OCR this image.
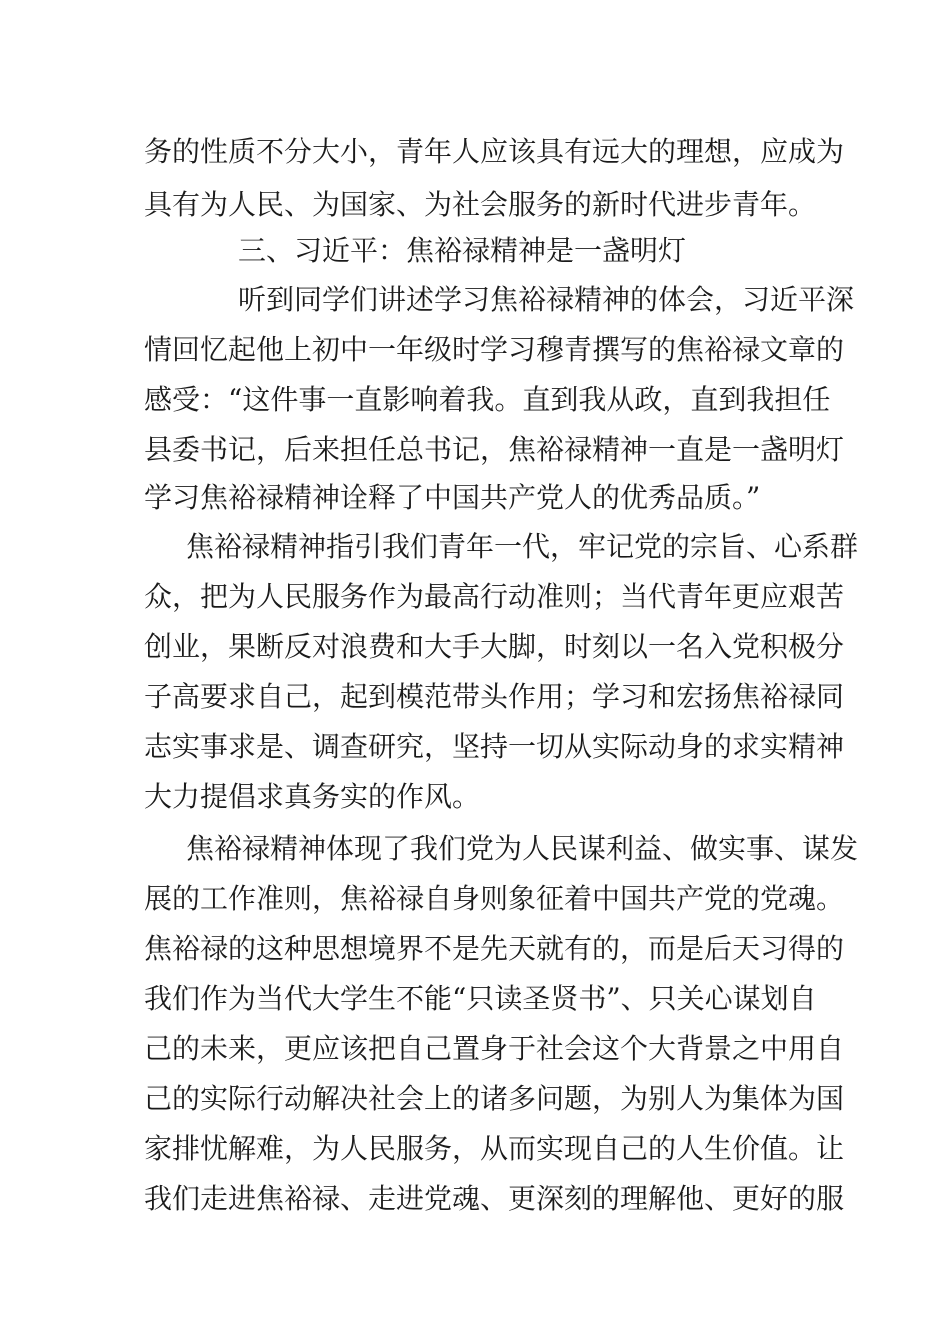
务的性质不分大小，青年人应该具有远大的理想，应成为
具有为人民、为国家、为社会服务的新时代进步青年。
三、习近平：焦裕禄精神是一盏明灯
听到同学们讲述学习焦裕禄精神的体会，习近平深
情回忆起他上初中一年级时学习穆青撰写的焦裕禄文章的
感受：“这件事一直影响着我。直到我从政，直到我担任
县委书记，后来担任总书记，焦裕禄精神一直是一盏明灯
学习焦裕禄精神诠释了中国共产党人的优秀品质。”
焦裕禄精神指引我们青年一代，牢记党的宗旨、心系群
众，把为人民服务作为最高行动准则；当代青年更应艰苦
创业，果断反对浪费和大手大脚，时刻以一名入党积极分
子高要求自己，起到模范带头作用；学习和宏扬焦裕禄同
志实事求是、调查研究，坚持一切从实际动身的求实精神
大力提倡求真务实的作风。
焦裕禄精神体现了我们党为人民谋利益、做实事、谋发
展的工作准则，焦裕禄自身则象征着中国共产党的党魂。
焦裕禄的这种思想境界不是先天就有的，而是后天习得的
我们作为当代大学生不能“只读圣贤书”、只关心谋划自
己的未来，更应该把自己置身于社会这个大背景之中用自
己的实际行动解决社会上的诸多问题，为别人为集体为国
家排忧解难，为人民服务，从而实现自己的人生价值。让
我们走进焦裕禄、走进党魂、更深刻的理解他、更好的服
